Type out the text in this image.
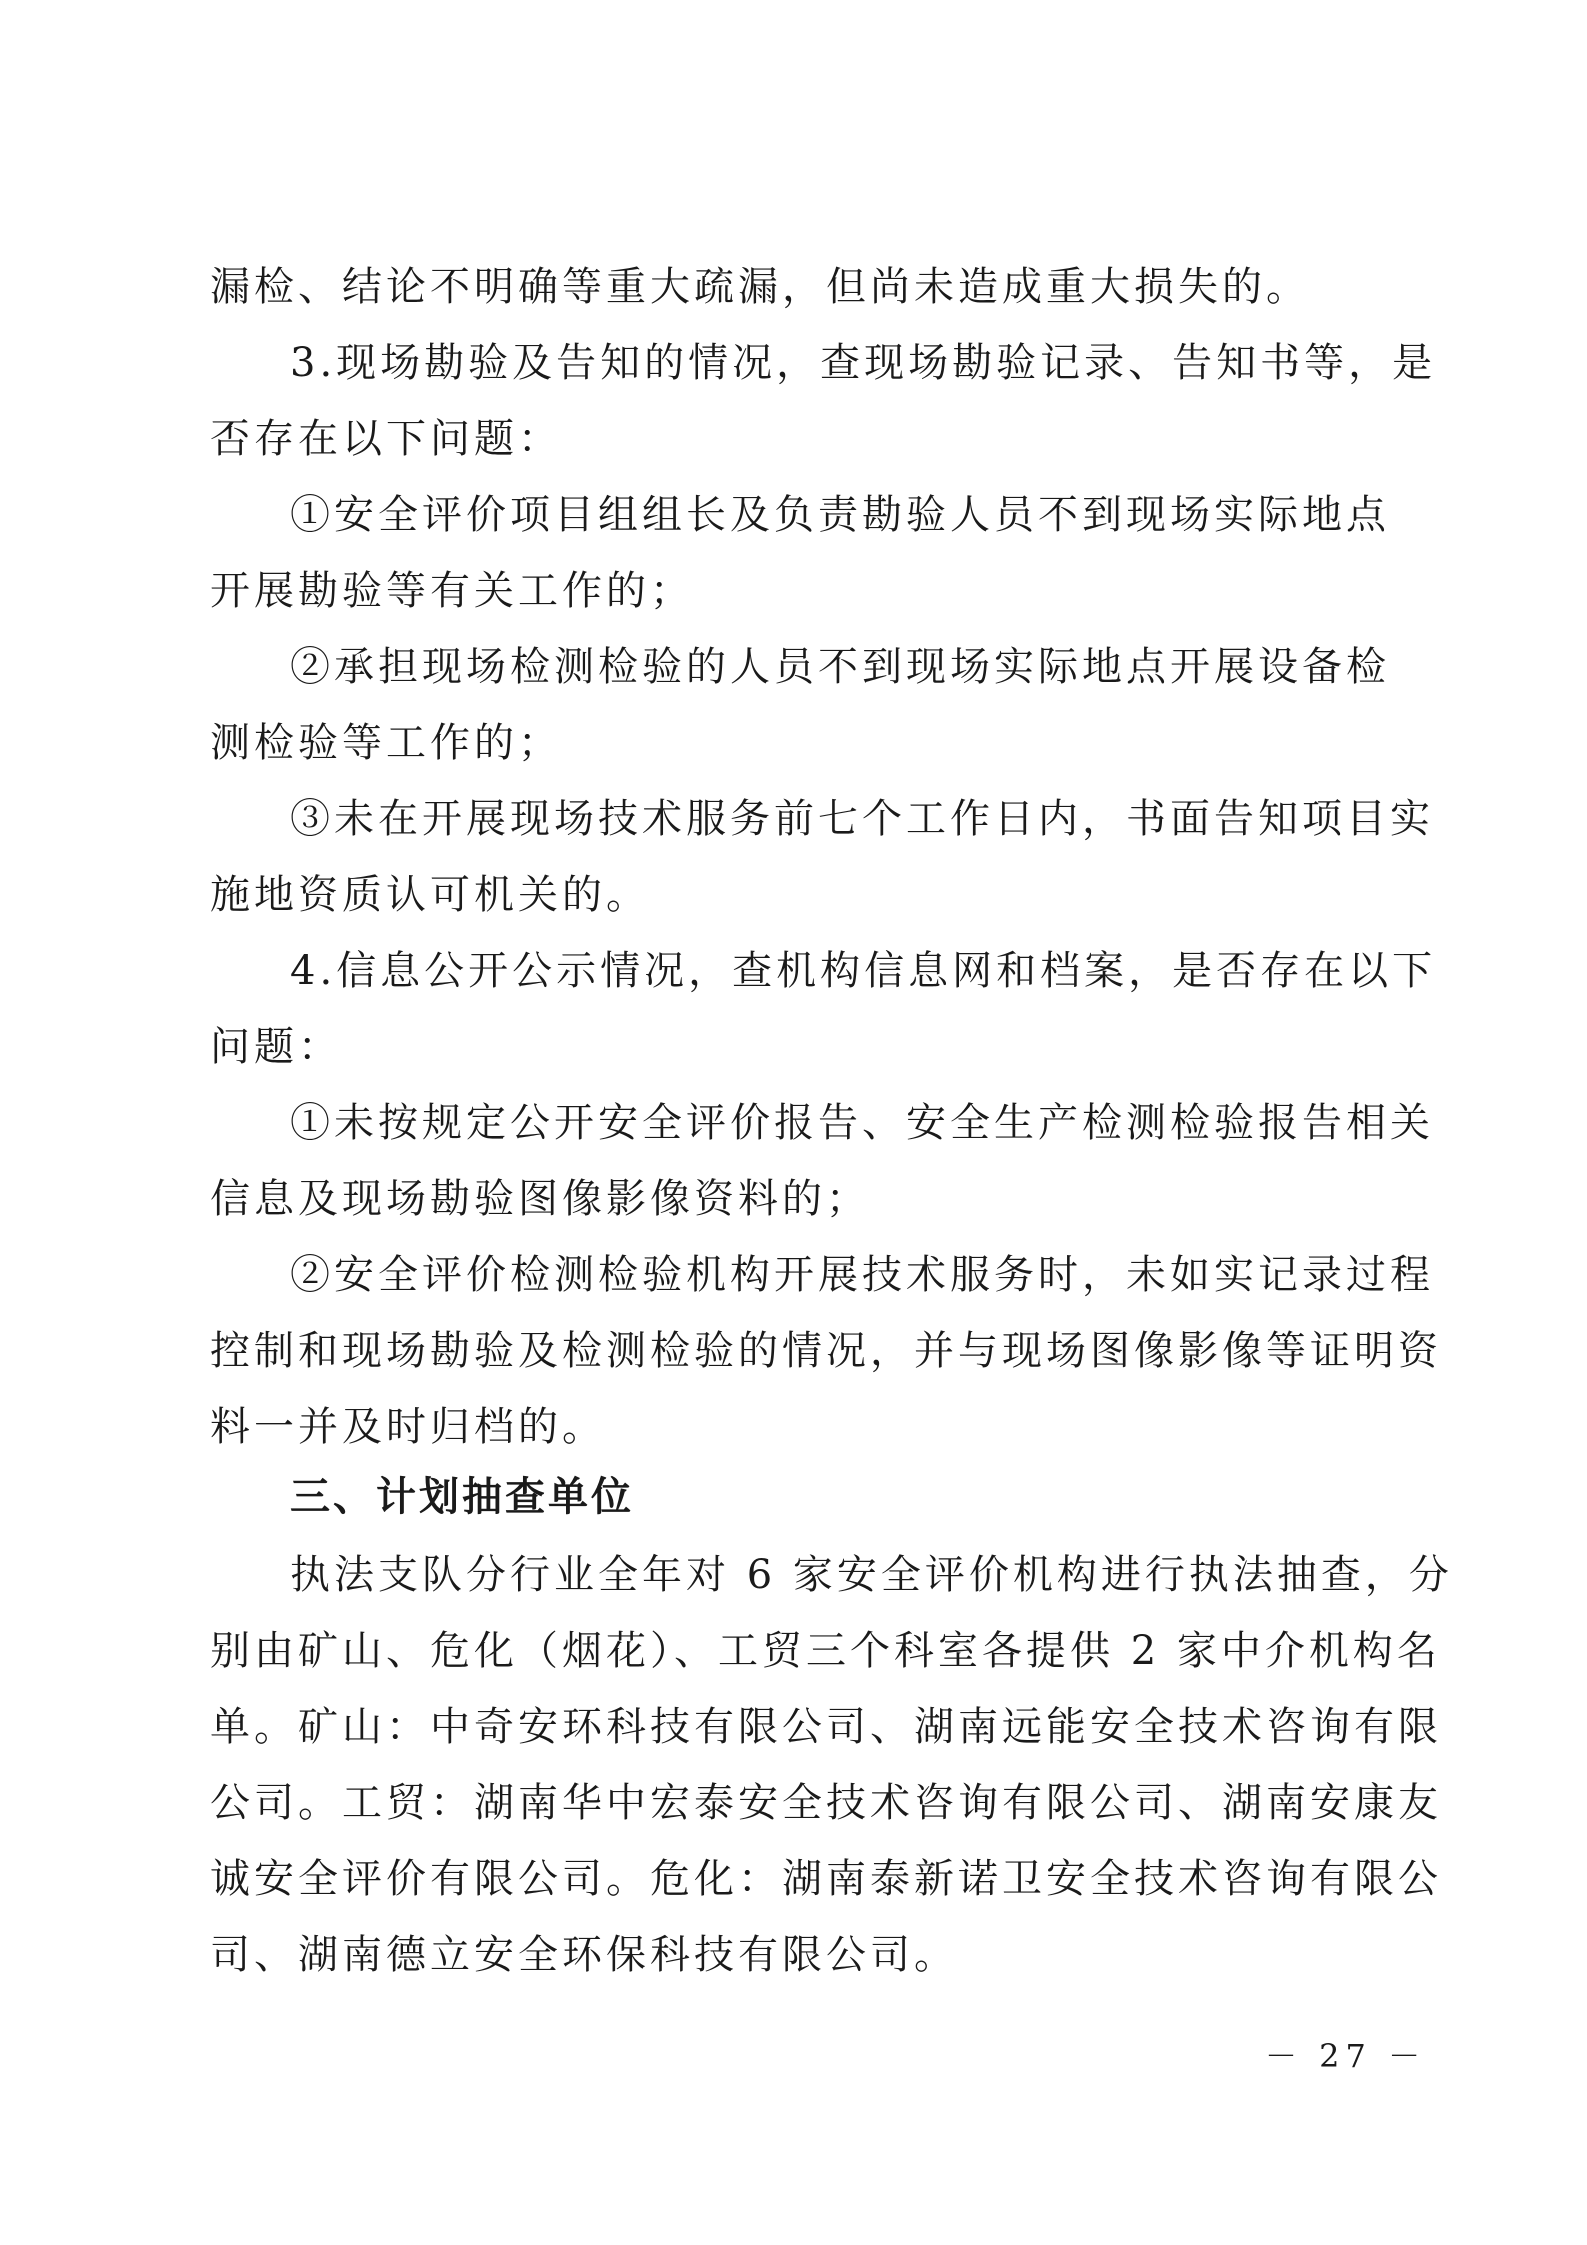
漏检、结论不明确等重大疏漏，但尚未造成重大损失的。
3.现场勘验及告知的情况，查现场勘验记录、告知书等，是
否存在以下问题：
①安全评价项目组组长及负责勘验人员不到现场实际地点
开展勘验等有关工作的；
②承担现场检测检验的人员不到现场实际地点开展设备检
测检验等工作的；
③未在开展现场技术服务前七个工作日内，书面告知项目实
施地资质认可机关的。
4.信息公开公示情况，查机构信息网和档案，是否存在以下
问题：
①未按规定公开安全评价报告、安全生产检测检验报告相关
信息及现场勘验图像影像资料的；
②安全评价检测检验机构开展技术服务时，未如实记录过程
控制和现场勘验及检测检验的情况，并与现场图像影像等证明资
料一并及时归档的。
三、计划抽查单位
执法支队分行业全年对 6 家安全评价机构进行执法抽查，分
别由矿山、危化（烟花）、工贸三个科室各提供 2 家中介机构名
单。矿山：中奇安环科技有限公司、湖南远能安全技术咨询有限
公司。工贸：湖南华中宏泰安全技术咨询有限公司、湖南安康友
诚安全评价有限公司。危化：湖南泰新诺卫安全技术咨询有限公
司、湖南德立安全环保科技有限公司。
－ 27 －
